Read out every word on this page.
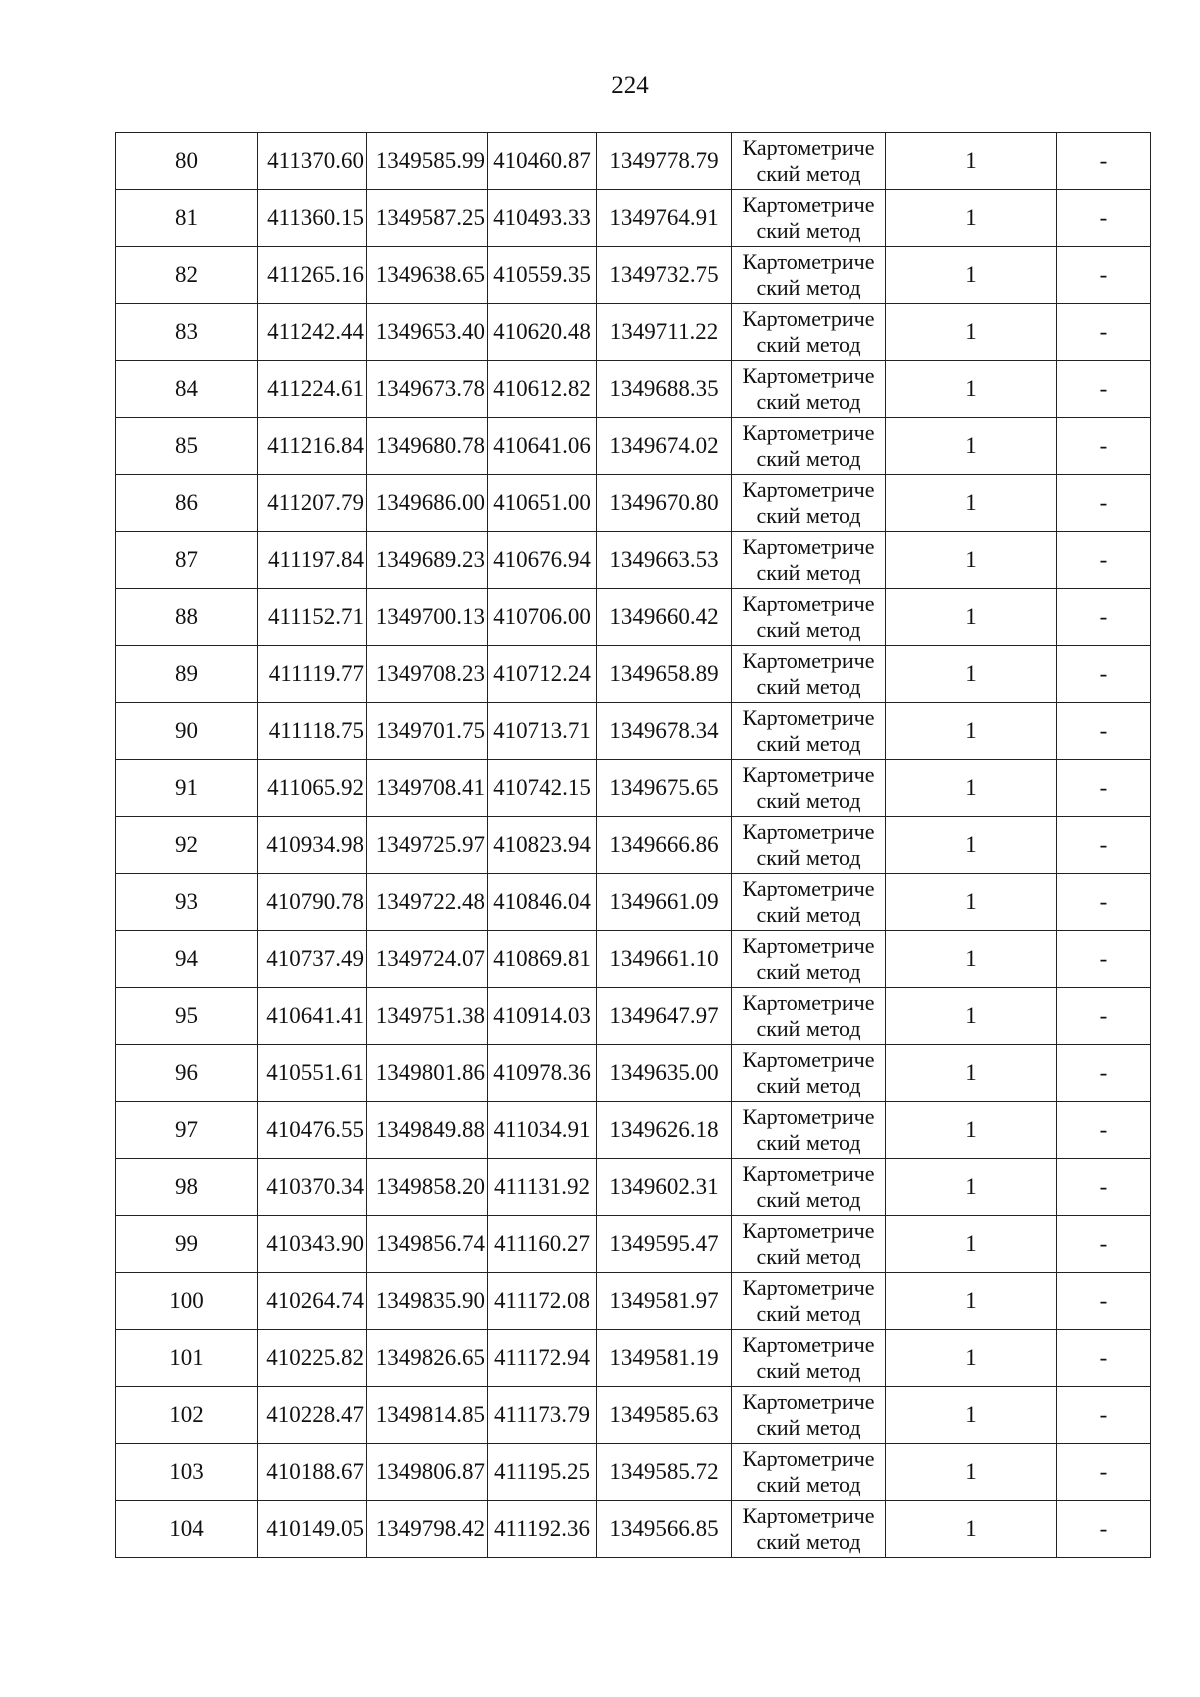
224
80	411370.60	1349585.99	410460.87	1349778.79	Картометриче
ский метод	1	-
81	411360.15	1349587.25	410493.33	1349764.91	Картометриче
ский метод	1	-
82	411265.16	1349638.65	410559.35	1349732.75	Картометриче
ский метод	1	-
83	411242.44	1349653.40	410620.48	1349711.22	Картометриче
ский метод	1	-
84	411224.61	1349673.78	410612.82	1349688.35	Картометриче
ский метод	1	-
85	411216.84	1349680.78	410641.06	1349674.02	Картометриче
ский метод	1	-
86	411207.79	1349686.00	410651.00	1349670.80	Картометриче
ский метод	1	-
87	411197.84	1349689.23	410676.94	1349663.53	Картометриче
ский метод	1	-
88	411152.71	1349700.13	410706.00	1349660.42	Картометриче
ский метод	1	-
89	411119.77	1349708.23	410712.24	1349658.89	Картометриче
ский метод	1	-
90	411118.75	1349701.75	410713.71	1349678.34	Картометриче
ский метод	1	-
91	411065.92	1349708.41	410742.15	1349675.65	Картометриче
ский метод	1	-
92	410934.98	1349725.97	410823.94	1349666.86	Картометриче
ский метод	1	-
93	410790.78	1349722.48	410846.04	1349661.09	Картометриче
ский метод	1	-
94	410737.49	1349724.07	410869.81	1349661.10	Картометриче
ский метод	1	-
95	410641.41	1349751.38	410914.03	1349647.97	Картометриче
ский метод	1	-
96	410551.61	1349801.86	410978.36	1349635.00	Картометриче
ский метод	1	-
97	410476.55	1349849.88	411034.91	1349626.18	Картометриче
ский метод	1	-
98	410370.34	1349858.20	411131.92	1349602.31	Картометриче
ский метод	1	-
99	410343.90	1349856.74	411160.27	1349595.47	Картометриче
ский метод	1	-
100	410264.74	1349835.90	411172.08	1349581.97	Картометриче
ский метод	1	-
101	410225.82	1349826.65	411172.94	1349581.19	Картометриче
ский метод	1	-
102	410228.47	1349814.85	411173.79	1349585.63	Картометриче
ский метод	1	-
103	410188.67	1349806.87	411195.25	1349585.72	Картометриче
ский метод	1	-
104	410149.05	1349798.42	411192.36	1349566.85	Картометриче
ский метод	1	-
